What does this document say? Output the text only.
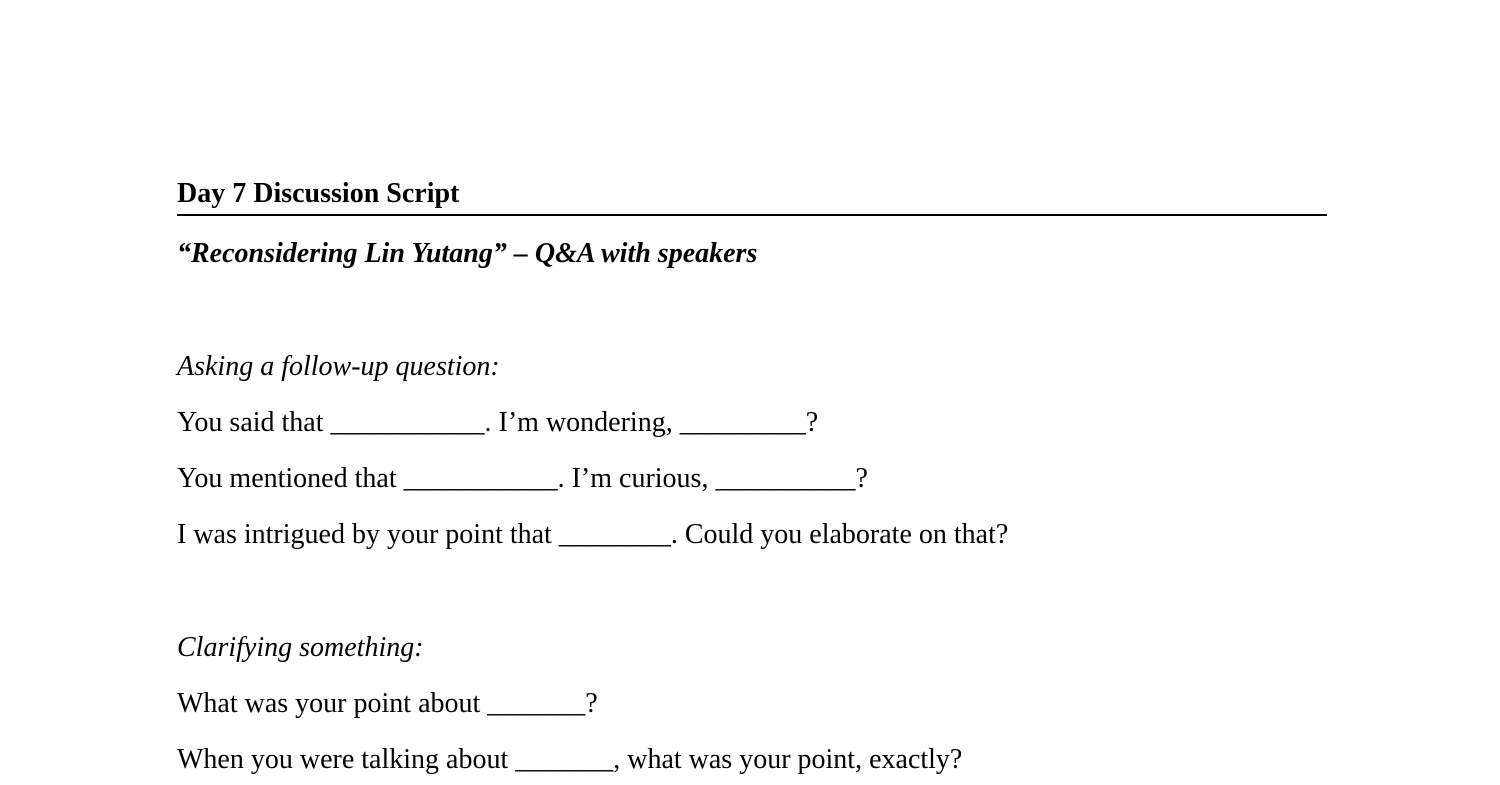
Day 7 Discussion Script
“Reconsidering Lin Yutang” – Q&A with speakers
Asking a follow-up question:
You said that ___________. I’m wondering, _________?
You mentioned that ___________. I’m curious, __________?
I was intrigued by your point that ________. Could you elaborate on that?
Clarifying something:
What was your point about _______?
When you were talking about _______, what was your point, exactly?
